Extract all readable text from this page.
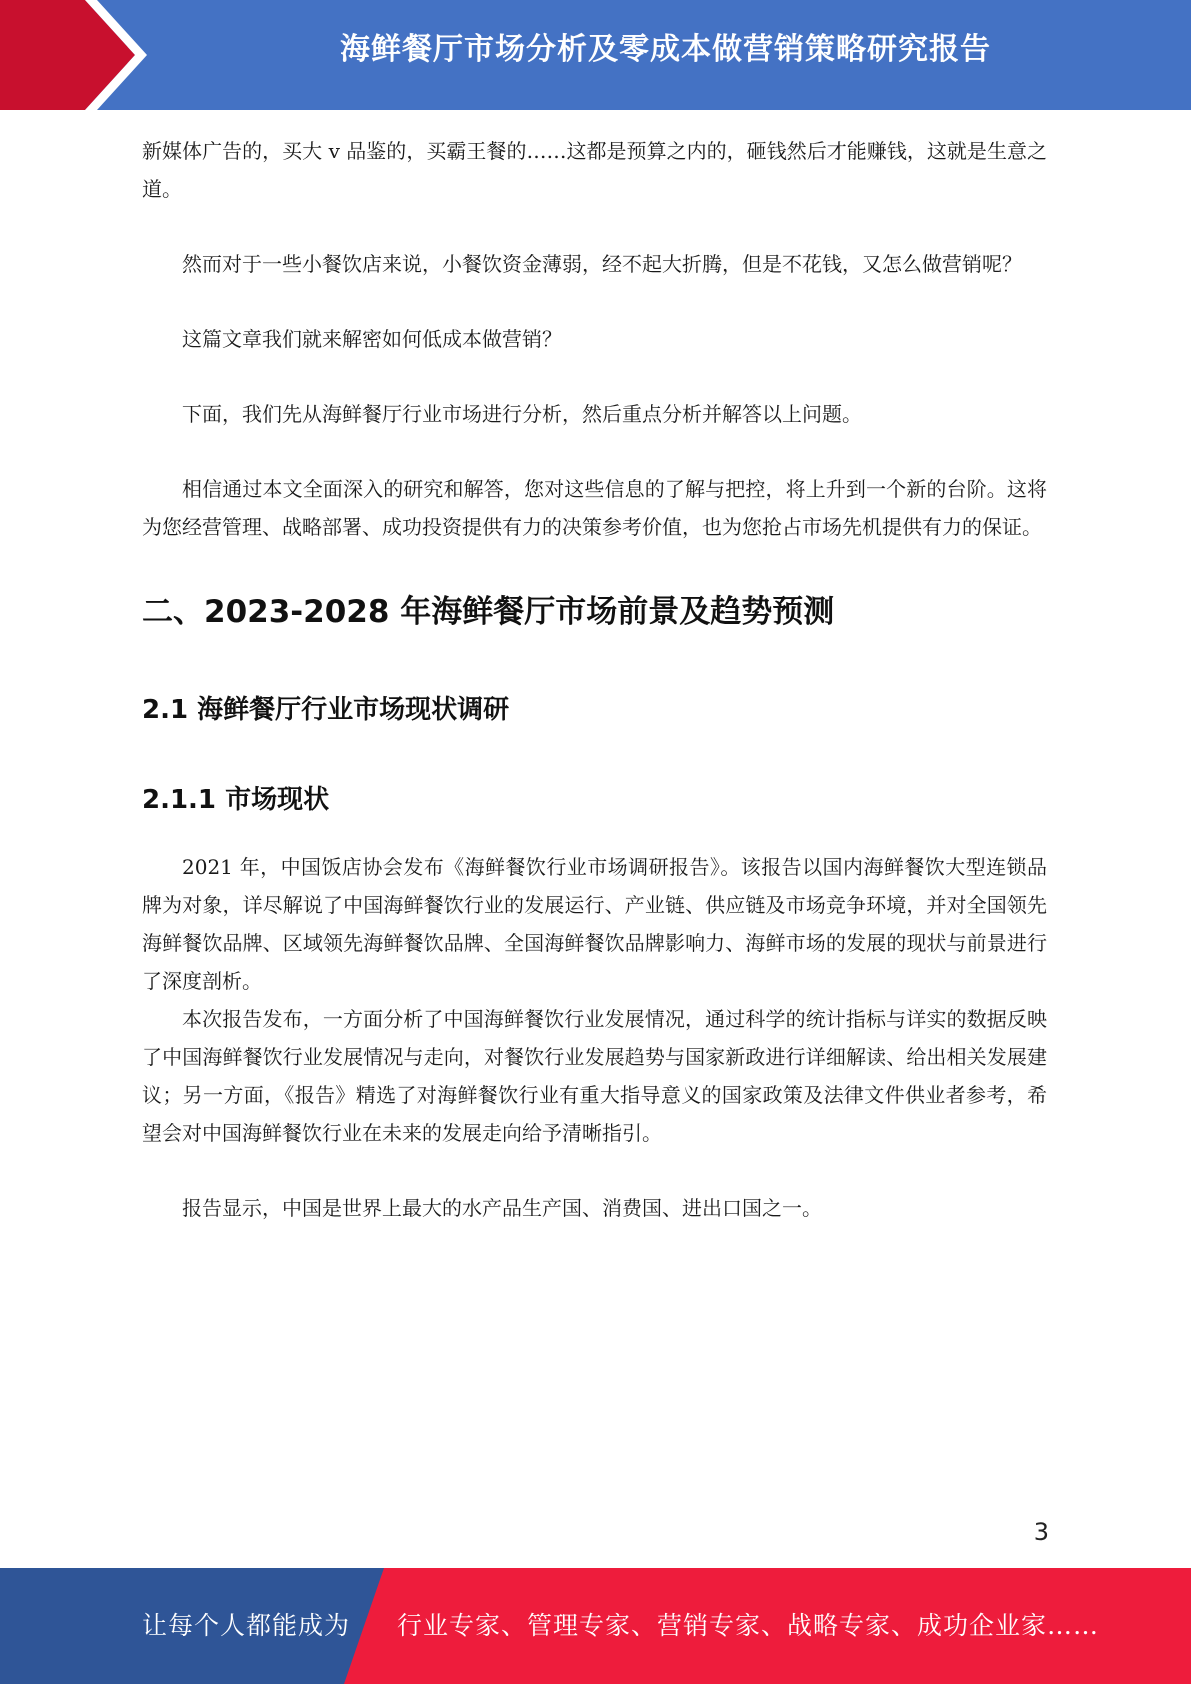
海鲜餐厅市场分析及零成本做营销策略研究报告

新媒体广告的，买大 v 品鉴的，买霸王餐的……这都是预算之内的，砸钱然后才能赚钱，这就是生意之道。

然而对于一些小餐饮店来说，小餐饮资金薄弱，经不起大折腾，但是不花钱，又怎么做营销呢？

这篇文章我们就来解密如何低成本做营销？

下面，我们先从海鲜餐厅行业市场进行分析，然后重点分析并解答以上问题。

相信通过本文全面深入的研究和解答，您对这些信息的了解与把控，将上升到一个新的台阶。这将为您经营管理、战略部署、成功投资提供有力的决策参考价值，也为您抢占市场先机提供有力的保证。

二、2023-2028 年海鲜餐厅市场前景及趋势预测
2.1 海鲜餐厅行业市场现状调研
2.1.1 市场现状

2021 年，中国饭店协会发布《海鲜餐饮行业市场调研报告》。该报告以国内海鲜餐饮大型连锁品牌为对象，详尽解说了中国海鲜餐饮行业的发展运行、产业链、供应链及市场竞争环境，并对全国领先海鲜餐饮品牌、区域领先海鲜餐饮品牌、全国海鲜餐饮品牌影响力、海鲜市场的发展的现状与前景进行了深度剖析。

本次报告发布，一方面分析了中国海鲜餐饮行业发展情况，通过科学的统计指标与详实的数据反映了中国海鲜餐饮行业发展情况与走向，对餐饮行业发展趋势与国家新政进行详细解读、给出相关发展建议；另一方面，《报告》精选了对海鲜餐饮行业有重大指导意义的国家政策及法律文件供业者参考，希望会对中国海鲜餐饮行业在未来的发展走向给予清晰指引。

报告显示，中国是世界上最大的水产品生产国、消费国、进出口国之一。

3
让每个人都能成为 行业专家、管理专家、营销专家、战略专家、成功企业家……
